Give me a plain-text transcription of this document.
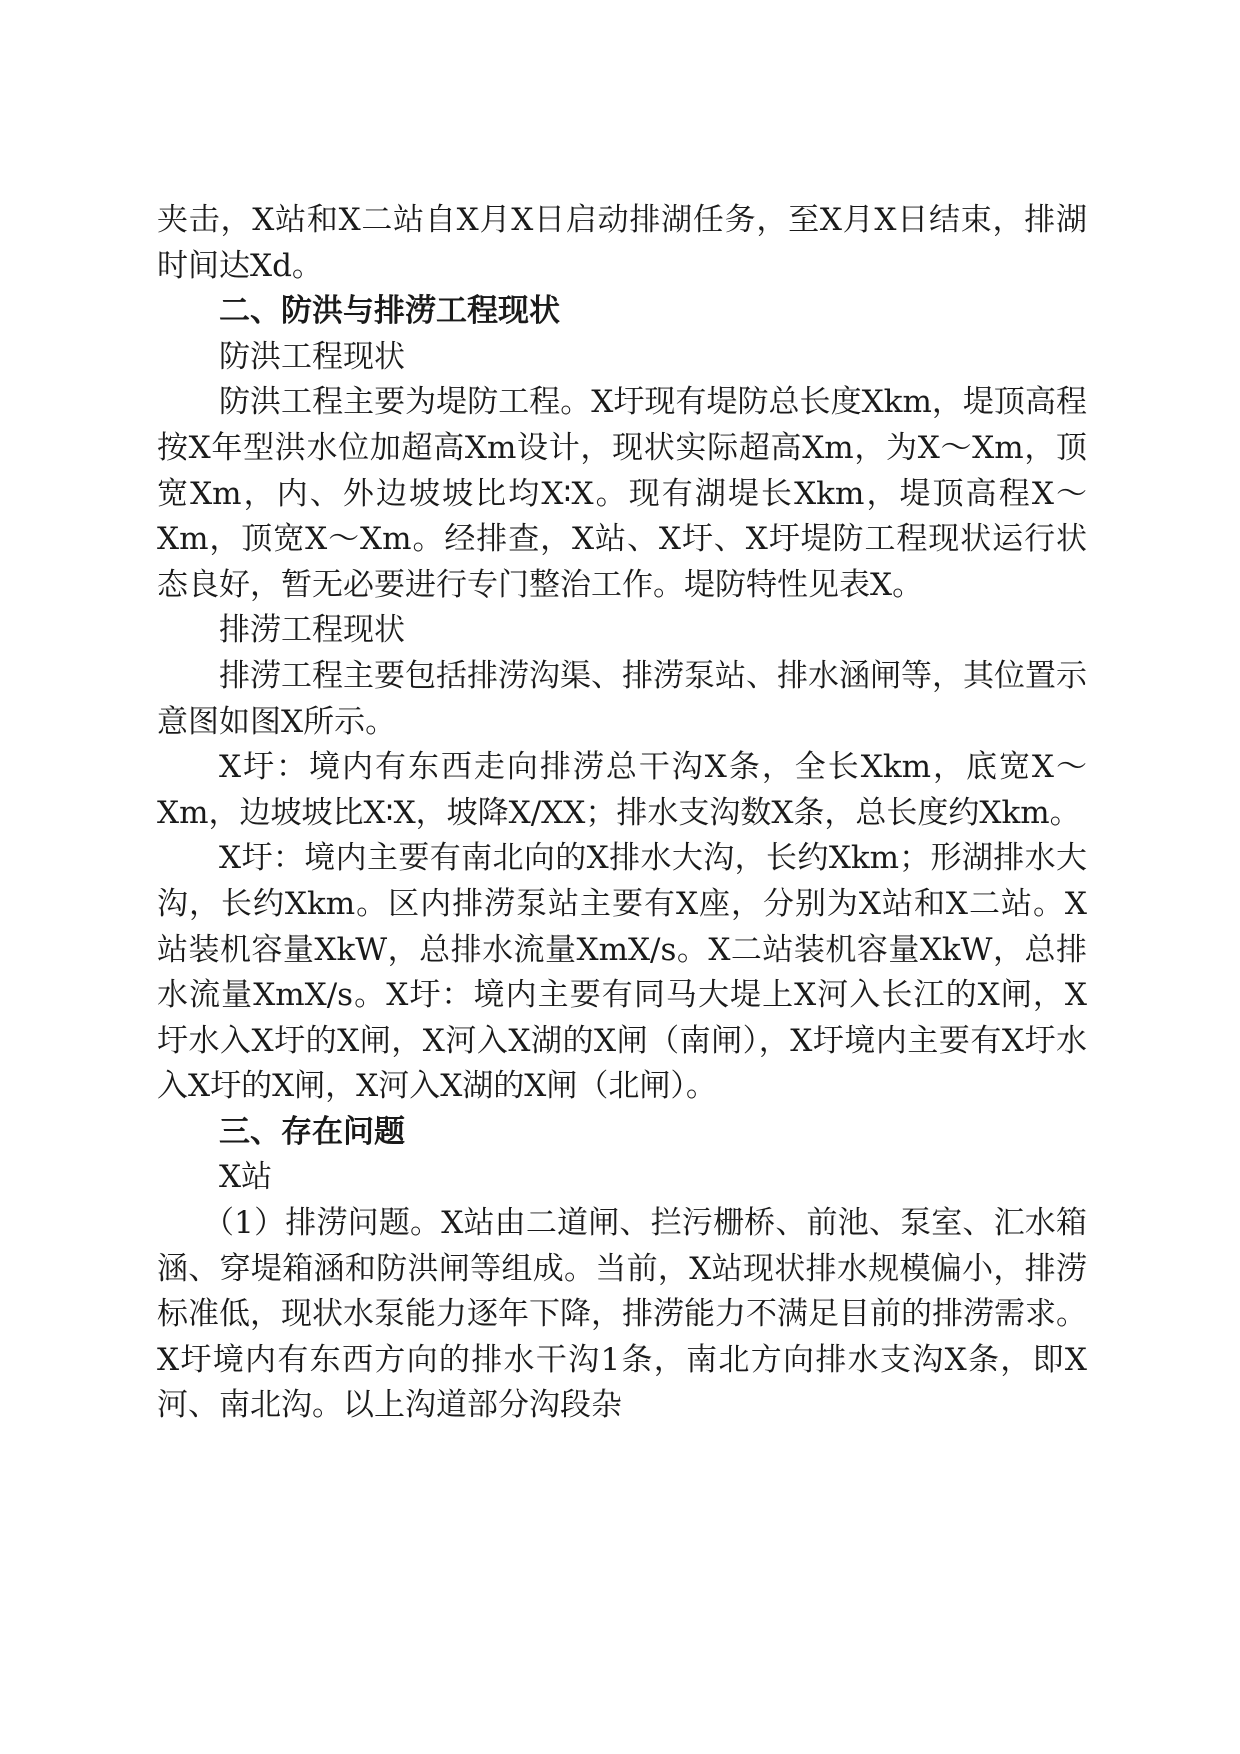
夹击，X站和X二站自X月X日启动排湖任务，至X月X日结束，排湖时间达Xd。

二、防洪与排涝工程现状

防洪工程现状

防洪工程主要为堤防工程。X圩现有堤防总长度Xkm，堤顶高程按X年型洪水位加超高Xm设计，现状实际超高Xm，为X～Xm，顶宽Xm，内、外边坡坡比均X∶X。现有湖堤长Xkm，堤顶高程X～Xm，顶宽X～Xm。经排查，X站、X圩、X圩堤防工程现状运行状态良好，暂无必要进行专门整治工作。堤防特性见表X。

排涝工程现状

排涝工程主要包括排涝沟渠、排涝泵站、排水涵闸等，其位置示意图如图X所示。

X圩：境内有东西走向排涝总干沟X条，全长Xkm，底宽X～Xm，边坡坡比X∶X，坡降X/XX；排水支沟数X条，总长度约Xkm。

X圩：境内主要有南北向的X排水大沟，长约Xkm；形湖排水大沟，长约Xkm。区内排涝泵站主要有X座，分别为X站和X二站。X站装机容量XkW，总排水流量XmX/s。X二站装机容量XkW，总排水流量XmX/s。X圩：境内主要有同马大堤上X河入长江的X闸，X圩水入X圩的X闸，X河入X湖的X闸（南闸），X圩境内主要有X圩水入X圩的X闸，X河入X湖的X闸（北闸）。

三、存在问题

X站

（1）排涝问题。X站由二道闸、拦污栅桥、前池、泵室、汇水箱涵、穿堤箱涵和防洪闸等组成。当前，X站现状排水规模偏小，排涝标准低，现状水泵能力逐年下降，排涝能力不满足目前的排涝需求。X圩境内有东西方向的排水干沟1条，南北方向排水支沟X条，即X河、南北沟。以上沟道部分沟段杂
